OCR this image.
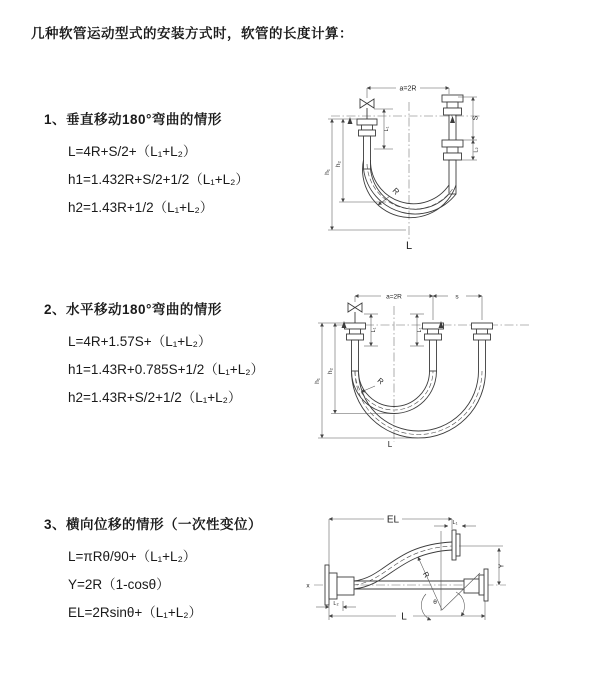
几种软管运动型式的安装方式时，软管的长度计算：
1、垂直移动180°弯曲的情形

L=4R+S/2+（L₁+L₂）

h1=1.432R+S/2+1/2（L₁+L₂）

h2=1.43R+1/2（L₁+L₂）

2、水平移动180°弯曲的情形

L=4R+1.57S+（L₁+L₂）

h1=1.43R+0.785S+1/2（L₁+L₂）

h2=1.43R+S/2+1/2（L₁+L₂）

3、横向位移的情形（一次性变位）

L=πRθ/90+（L₁+L₂）

Y=2R（1-cosθ）

EL=2Rsinθ+（L₁+L₂）

a=2R
h₁
h₂
L₁
S
L₂
R
L
a=2R	s
h₁
h₂
L₁	L₁
R
L
x
EL	L₁
θ
R
Y
L
L₂
